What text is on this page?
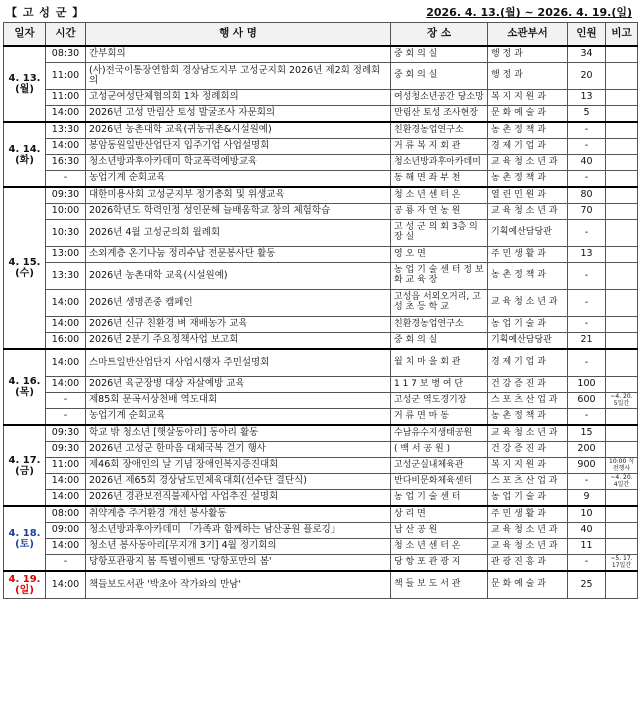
【 고 성 군 】	2026. 4. 13.(월) ~ 2026. 4. 19.(일)
일자	시간	행 사 명	장 소	소관부서	인원	비고
4. 13.
(월)	08:30	간부회의	중 회 의 실	행 정 과	34	
	11:00	(사)전국이통장연합회 경상남도지부 고성군지회 2026년 제2회 정례회의	중 회 의 실	행 정 과	20	
	11:00	고성군여성단체협의회 1차 정례회의	여성청소년공간 당소망	복 지 지 원 과	13	
	14:00	2026년 고성 만림산 토성 발굴조사 자문회의	만림산 토성 조사현장	문 화 예 술 과	5	
4. 14.
(화)	13:30	2026년 농촌대학 교육(귀농귀촌&시설원예)	친환경농업연구소	농 촌 정 책 과	-	
	14:00	봉암동원일반산업단지 입주기업 사업설명회	거 류 복 지 회 관	경 제 기 업 과	-	
	16:30	청소년방과후아카데미 학교폭력예방교육	청소년방과후아카데미	교 육 청 소 년 과	40	
	-	농업기계 순회교육	동 해 면 좌 부 천	농 촌 정 책 과	-	
4. 15.
(수)	09:30	대한미용사회 고성군지부 정기총회 및 위생교육	청 소 년 센 터 온	열 린 민 원 과	80	
	10:00	2026학년도 학력인정 성인문해 늘배움학교 창의 체험학습	공 룡 자 연 농 원	교 육 청 소 년 과	70	
	10:30	2026년 4월 고성군의회 월례회	고 성 군 의 회 3층 의 장 실	기획예산담당관	-	
	13:00	소외계층 온기나눔 정리수납 전문봉사단 활동	영 오 면	주 민 생 활 과	13	
	13:30	2026년 농촌대학 교육(시설원예)	농 업 기 술 센 터 정 보 화 교 육 장	농 촌 정 책 과	-	
	14:00	2026년 생명존중 캠페인	고성읍 서외오거리, 고 성 초 등 학 교	교 육 청 소 년 과	-	
	14:00	2026년 신규 친환경 벼 재배농가 교육	친환경농업연구소	농 업 기 술 과	-	
	16:00	2026년 2분기 주요정책사업 보고회	중 회 의 실	기획예산담당관	21	
4. 16.
(목)	14:00	스마트일반산업단지 사업시행자 주민설명회	월 치 마 을 회 관	경 제 기 업 과	-	
	14:00	2026년 육군장병 대상 자살예방 교육	1 1 7 보 병 여 단	건 강 증 진 과	100	
	-	제85회 문곡서상천배 역도대회	고성군 역도경기장	스 포 츠 산 업 과	600	~4. 20. 5일간
	-	농업기계 순회교육	거 류 면 마 동	농 촌 정 책 과	-	
4. 17.
(금)	09:30	학교 밖 청소년 [햇살동아리] 동아리 활동	수남유수지생태공원	교 육 청 소 년 과	15	
	09:30	2026년 고성군 한마음 대체국복 걷기 행사	( 백 서 공 원 )	건 강 증 진 과	200	
	11:00	제46회 장애인의 날 기념 장애인복지증진대회	고성군실내체육관	복 지 지 원 과	900	10:00 식전행사
	14:00	2026년 제65회 경상남도민체육대회(선수단 결단식)	반다비문화체육센터	스 포 츠 산 업 과	-	~4. 20. 4일간
	14:00	2026년 경관보전직불제사업 사업추진 설명회	농 업 기 술 센 터	농 업 기 술 과	9	
4. 18.
(토)	08:00	취약계층 주거환경 개선 봉사활동	상 리 면	주 민 생 활 과	10	
	09:00	청소년방과후아카데미 「가족과 함께하는 남산공원 플로깅」	남 산 공 원	교 육 청 소 년 과	40	
	14:00	청소년 봉사동아리[무지개 3기] 4월 정기회의	청 소 년 센 터 온	교 육 청 소 년 과	11	
	-	당항포관광지 봄 특별이벤트 '당항포만의 봄'	당 항 포 관 광 지	관 광 진 흥 과	-	~5. 17. 17일간
4. 19.
(일)	14:00	책들보도서관 '박초아 작가와의 만남'	책 들 보 도 서 관	문 화 예 술 과	25	
